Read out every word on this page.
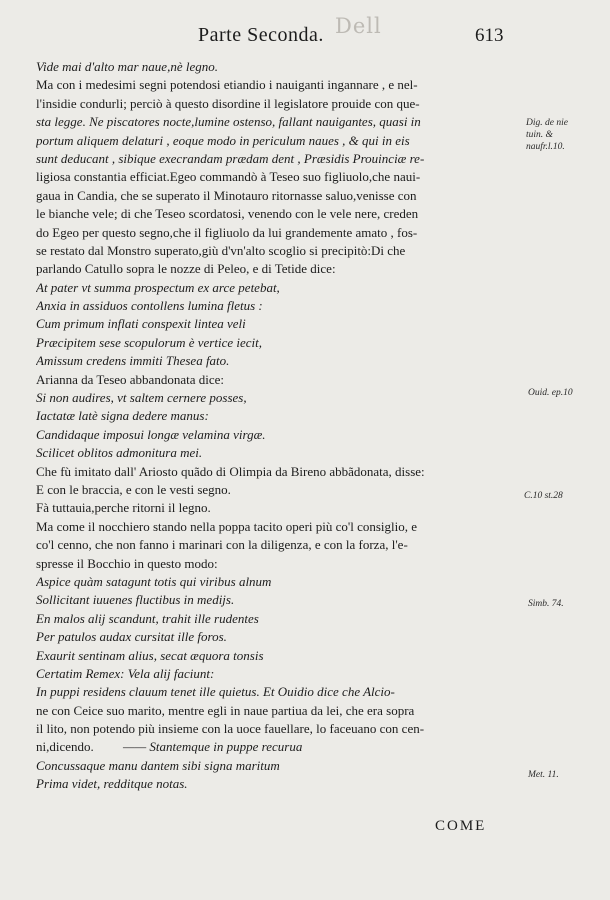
Dell
Parte Seconda.	613
Vide mai d'alto mar naue,nè legno.
Ma con i medesimi segni potendosi etiandio i nauiganti ingannare , e nel-
l'insidie condurli; perciò à questo disordine il legislatore prouide con que-
sta legge. Ne piscatores nocte,lumine ostenso, fallant nauigantes, quasi in
portum aliquem delaturi , eoque modo in periculum naues , & qui in eis
sunt deducant , sibique execrandam prædam dent , Præsidis Prouinciæ re-
ligiosa constantia efficiat.Egeo commandò à Teseo suo figliuolo,che naui-
gaua in Candia, che se superato il Minotauro ritornasse saluo,venisse con
le bianche vele; di che Teseo scordatosi, venendo con le vele nere, creden
do Egeo per questo segno,che il figliuolo da lui grandemente amato , fos-
se restato dal Monstro superato,giù d'vn'alto scoglio si precipitò:Di che
parlando Catullo sopra le nozze di Peleo, e di Tetide dice:
At pater vt summa prospectum ex arce petebat,
Anxia in assiduos contollens lumina fletus :
Cum primum inflati conspexit lintea veli
Præcipitem sese scopulorum è vertice iecit,
Amissum credens immiti Thesea fato.
Arianna da Teseo abbandonata dice:
Si non audires, vt saltem cernere posses,
Iactatæ latè signa dedere manus:
Candidaque imposui longæ velamina virgæ.
Scilicet oblitos admonitura mei.
Che fù imitato dall' Ariosto quãdo di Olimpia da Bireno abbãdonata, disse:
E con le braccia, e con le vesti segno.
Fà tuttauia,perche ritorni il legno.
Ma come il nocchiero stando nella poppa tacito operi più co'l consiglio, e
co'l cenno, che non fanno i marinari con la diligenza, e con la forza, l'e-
spresse il Bocchio in questo modo:
Aspice quàm satagunt totis qui viribus alnum
Sollicitant iuuenes fluctibus in medijs.
En malos alij scandunt, trahit ille rudentes
Per patulos audax cursitat ille foros.
Exaurit sentinam alius, secat æquora tonsis
Certatim Remex: Vela alij faciunt:
In puppi residens clauum tenet ille quietus. Et Ouidio dice che Alcio-
ne con Ceice suo marito, mentre egli in naue partiua da lei, che era sopra
il lito, non potendo più insieme con la uoce fauellare, lo faceuano con cen-
ni,dicendo. —— Stantemque in puppe recurua
Concussaque manu dantem sibi signa maritum
Prima videt, redditque notas.
Dig. de nie
tuin. &
naufr.l.10.
Ouid. ep.10
C.10 st.28
Simb. 74.
Met. 11.
COME
